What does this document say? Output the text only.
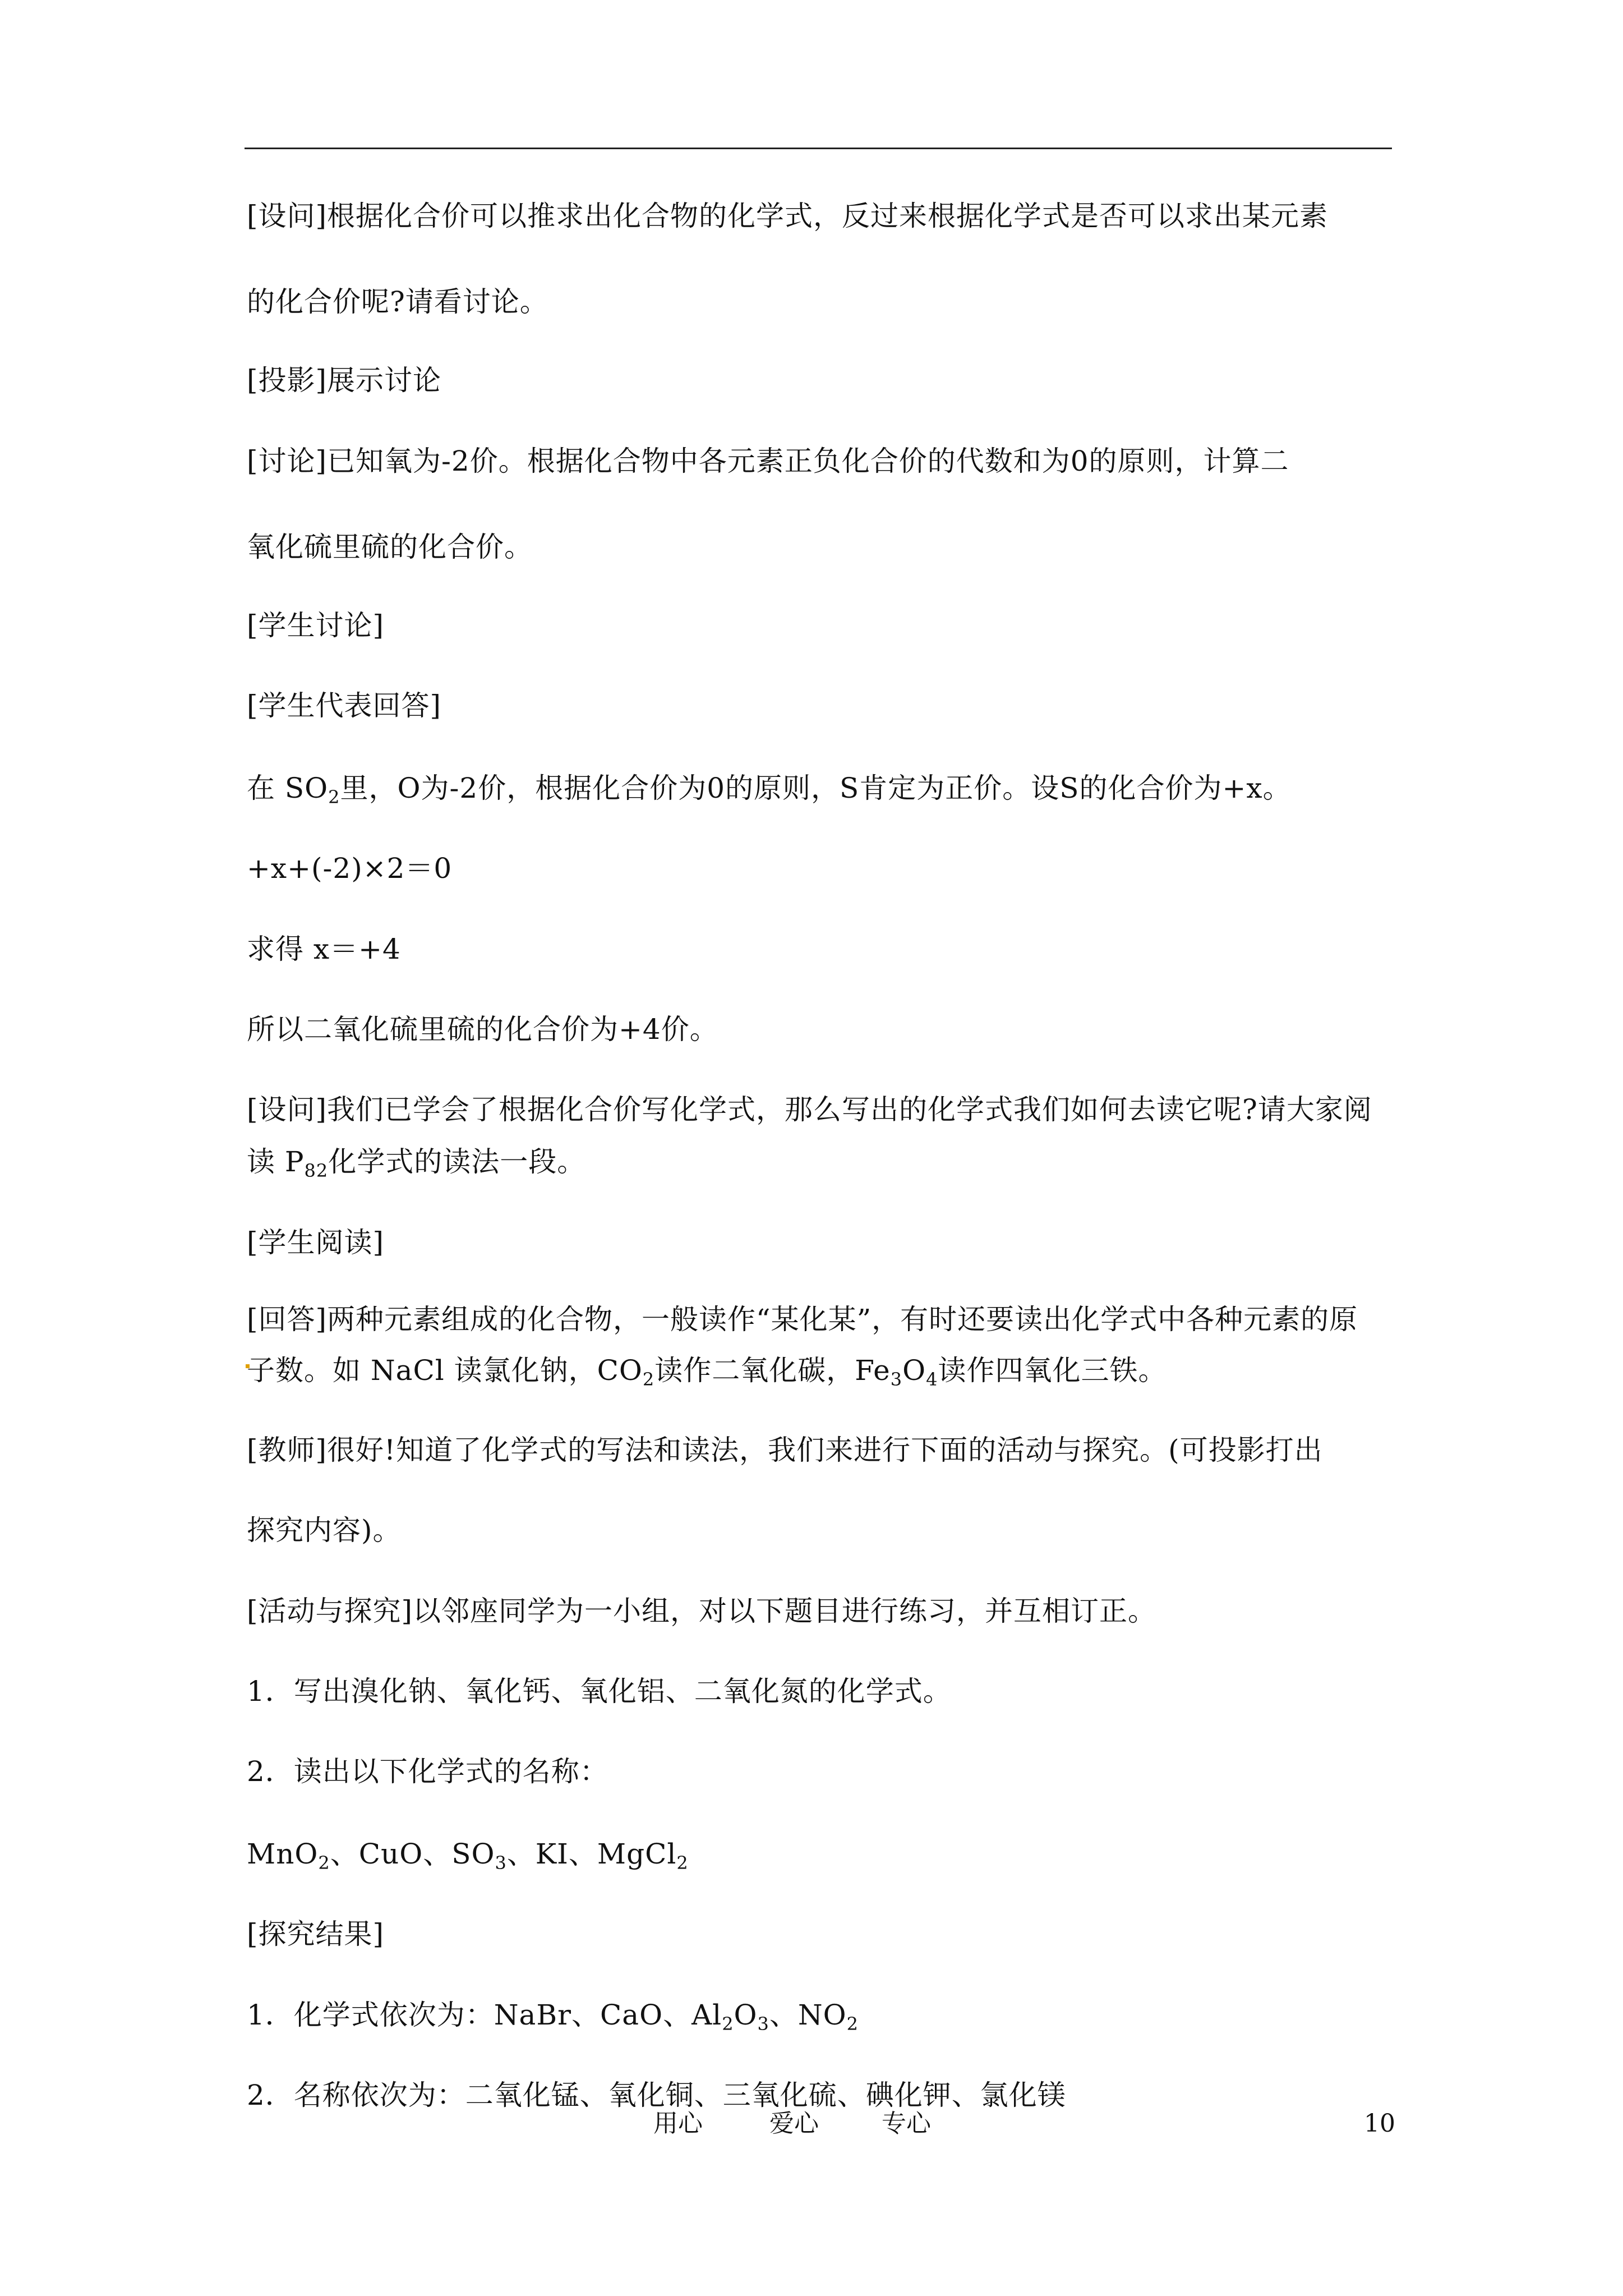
[设问]根据化合价可以推求出化合物的化学式，反过来根据化学式是否可以求出某元素
的化合价呢?请看讨论。
[投影]展示讨论
[讨论]已知氧为-2价。根据化合物中各元素正负化合价的代数和为0的原则，计算二
氧化硫里硫的化合价。
[学生讨论]
[学生代表回答]
在 $SO_2$里，O为-2价，根据化合价为0的原则，S肯定为正价。设S的化合价为+x。
+x+(-2)×2＝0
求得 x＝+4
所以二氧化硫里硫的化合价为+4价。
[设问]我们已学会了根据化合价写化学式，那么写出的化学式我们如何去读它呢?请大家阅
读 $P_{82}$化学式的读法一段。
[学生阅读]
[回答]两种元素组成的化合物，一般读作“某化某”，有时还要读出化学式中各种元素的原
子数。如 NaCl 读氯化钠，$CO_2$读作二氧化碳，$Fe_3O_4$读作四氧化三铁。
[教师]很好!知道了化学式的写法和读法，我们来进行下面的活动与探究。(可投影打出
探究内容)。
[活动与探究]以邻座同学为一小组，对以下题目进行练习，并互相订正。
1．写出溴化钠、氧化钙、氧化铝、二氧化氮的化学式。
2．读出以下化学式的名称：
MnO$_2$、CuO、$SO_3$、KI、MgCl$_2$
[探究结果]
1．化学式依次为：NaBr、CaO、$Al_2O_3$、$NO_2$
2．名称依次为：二氧化锰、氧化铜、三氧化硫、碘化钾、氯化镁
用心	爱心	专心	10
